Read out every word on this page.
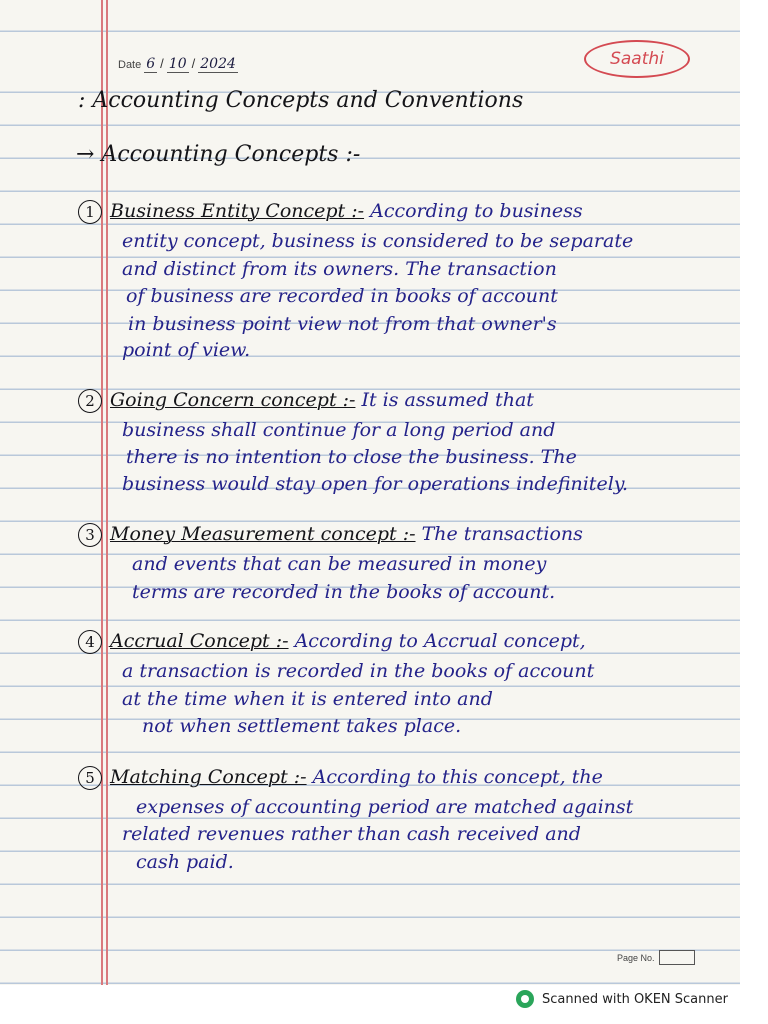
Saathi
Date 6 / 10 / 2024
: Accounting Concepts and Conventions
→ Accounting Concepts :-
1 Business Entity Concept :- According to business
entity concept, business is considered to be separate
and distinct from its owners. The transaction
of business are recorded in books of account
in business point view not from that owner's
point of view.
2 Going Concern concept :- It is assumed that
business shall continue for a long period and
there is no intention to close the business. The
business would stay open for operations indefinitely.
3 Money Measurement concept :- The transactions
and events that can be measured in money
terms are recorded in the books of account.
4 Accrual Concept :- According to Accrual concept,
a transaction is recorded in the books of account
at the time when it is entered into and
not when settlement takes place.
5 Matching Concept :- According to this concept, the
expenses of accounting period are matched against
related revenues rather than cash received and
cash paid.
Page No.
Scanned with OKEN Scanner
